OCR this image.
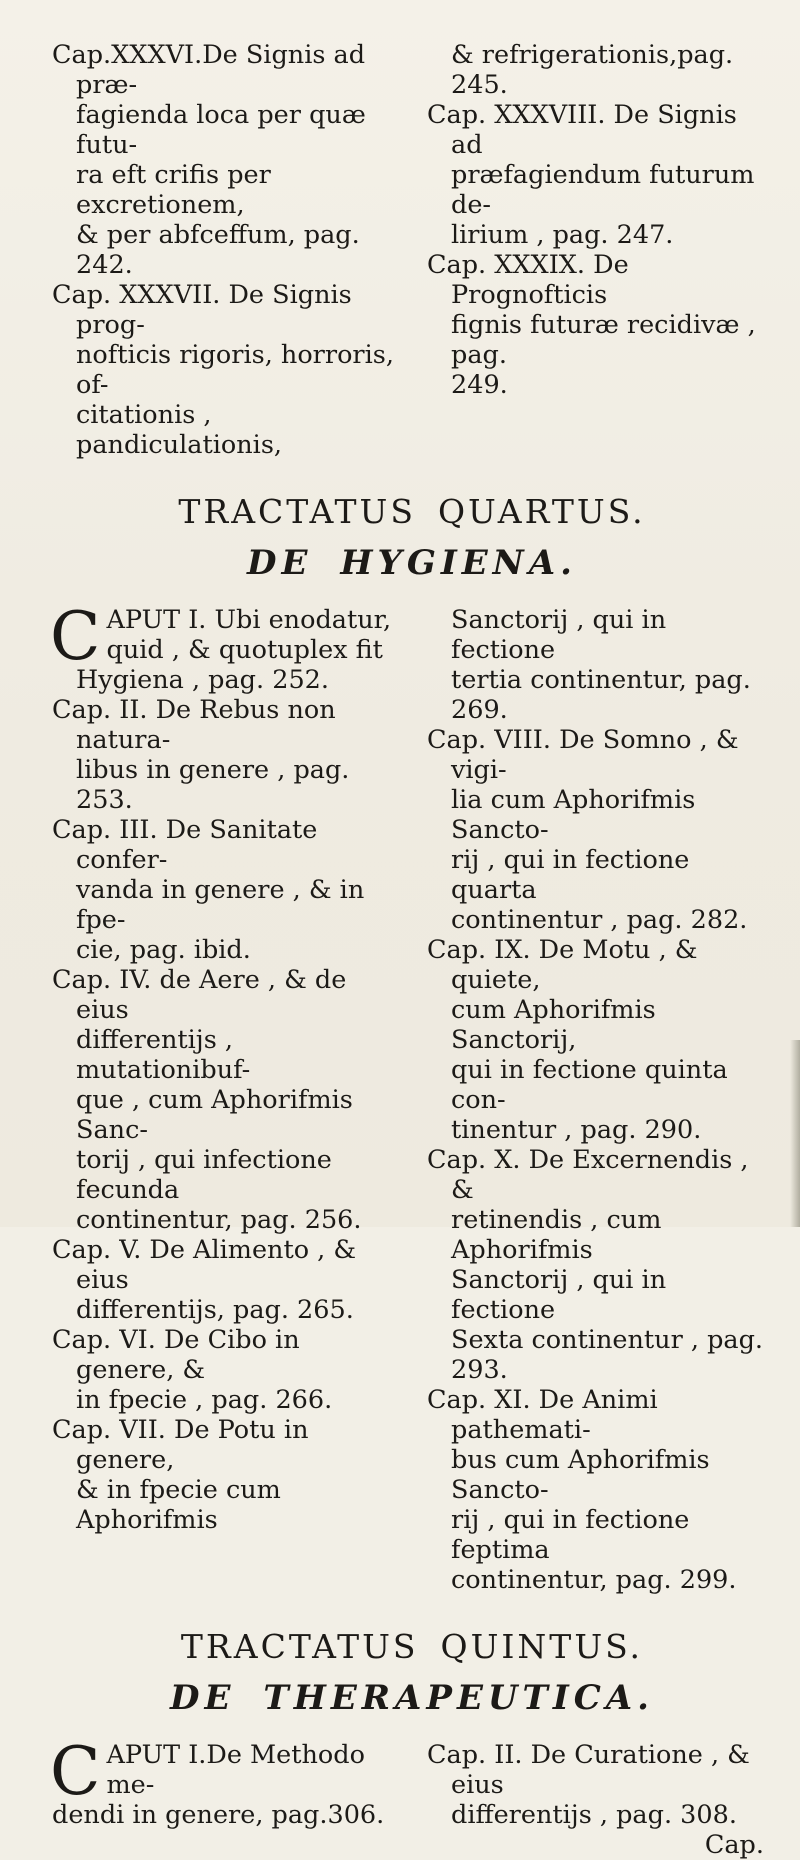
Cap.XXXVI.De Signis ad præ-

fagienda loca per quæ futu-

ra eft crifis per excretionem,

& per abfceffum, pag. 242.

Cap. XXXVII. De Signis prog-

nofticis rigoris, horroris, of-

citationis , pandiculationis,

& refrigerationis,pag. 245.

Cap. XXXVIII. De Signis ad

præfagiendum futurum de-

lirium , pag. 247.

Cap. XXXIX. De Prognofticis

fignis futuræ recidivæ , pag.

249.

TRACTATUS QUARTUS.
DE HYGIENA.
C APUT I. Ubi enodatur,
quid , & quotuplex fit

Hygiena , pag. 252.

Cap. II. De Rebus non natura-

libus in genere , pag. 253.

Cap. III. De Sanitate confer-

vanda in genere , & in fpe-

cie, pag. ibid.

Cap. IV. de Aere , & de eius

differentijs , mutationibuf-

que , cum Aphorifmis Sanc-

torij , qui infectione fecunda

continentur, pag. 256.

Cap. V. De Alimento , & eius

differentijs, pag. 265.

Cap. VI. De Cibo in genere, &

in fpecie , pag. 266.

Cap. VII. De Potu in genere,

& in fpecie cum Aphorifmis

Sanctorij , qui in fectione

tertia continentur, pag. 269.

Cap. VIII. De Somno , & vigi-

lia cum Aphorifmis Sancto-

rij , qui in fectione quarta

continentur , pag. 282.

Cap. IX. De Motu , & quiete,

cum Aphorifmis Sanctorij,

qui in fectione quinta con-

tinentur , pag. 290.

Cap. X. De Excernendis , &

retinendis , cum Aphorifmis

Sanctorij , qui in fectione

Sexta continentur , pag.

293.

Cap. XI. De Animi pathemati-

bus cum Aphorifmis Sancto-

rij , qui in fectione feptima

continentur, pag. 299.

TRACTATUS QUINTUS.
DE THERAPEUTICA.
C APUT I.De Methodo me-
dendi in genere, pag.306.

Cap. II. De Curatione , & eius

differentijs , pag. 308.

Cap.
